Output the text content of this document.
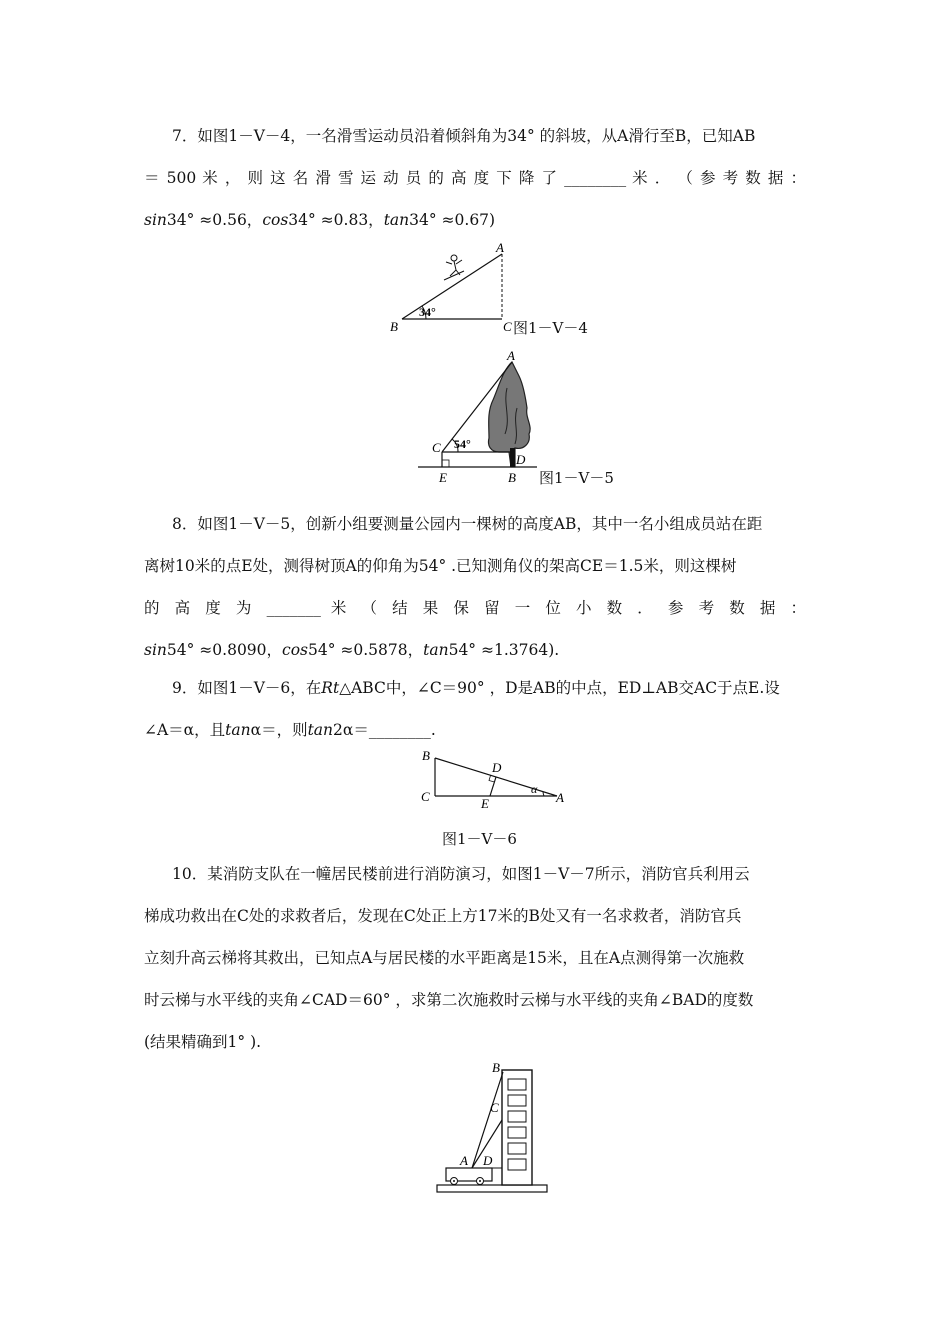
7．如图1－Ⅴ－4，一名滑雪运动员沿着倾斜角为34° 的斜坡，从A滑行至B，已知AB
＝ 500 米 ， 则 这 名 滑 雪 运 动 员 的 高 度 下 降 了 ________ 米 ． （ 参 考 数 据 ：
sin34° ≈0.56，cos34° ≈0.83，tan34° ≈0.67)
B
A
C
34°
图1－Ⅴ－4
A
C
D
E	B
54°
图1－Ⅴ－5
8．如图1－Ⅴ－5，创新小组要测量公园内一棵树的高度AB，其中一名小组成员站在距
离树10米的点E处，测得树顶A的仰角为54° .已知测角仪的架高CE＝1.5米，则这棵树
的 高 度 为 _______ 米 （ 结 果 保 留 一 位 小 数 ． 参 考 数 据 ：
sin54° ≈0.8090，cos54° ≈0.5878，tan54° ≈1.3764).
9．如图1－Ⅴ－6，在Rt△ABC中，∠C＝90° ，D是AB的中点，ED⊥AB交AC于点E.设
∠A＝α，且tanα＝，则tan2α＝________.
B
D
C	E	A
α
图1－Ⅴ－6
10．某消防支队在一幢居民楼前进行消防演习，如图1－Ⅴ－7所示，消防官兵利用云
梯成功救出在C处的求救者后，发现在C处正上方17米的B处又有一名求救者，消防官兵
立刻升高云梯将其救出，已知点A与居民楼的水平距离是15米，且在A点测得第一次施救
时云梯与水平线的夹角∠CAD＝60° ，求第二次施救时云梯与水平线的夹角∠BAD的度数
(结果精确到1° ).
B
C
A D
